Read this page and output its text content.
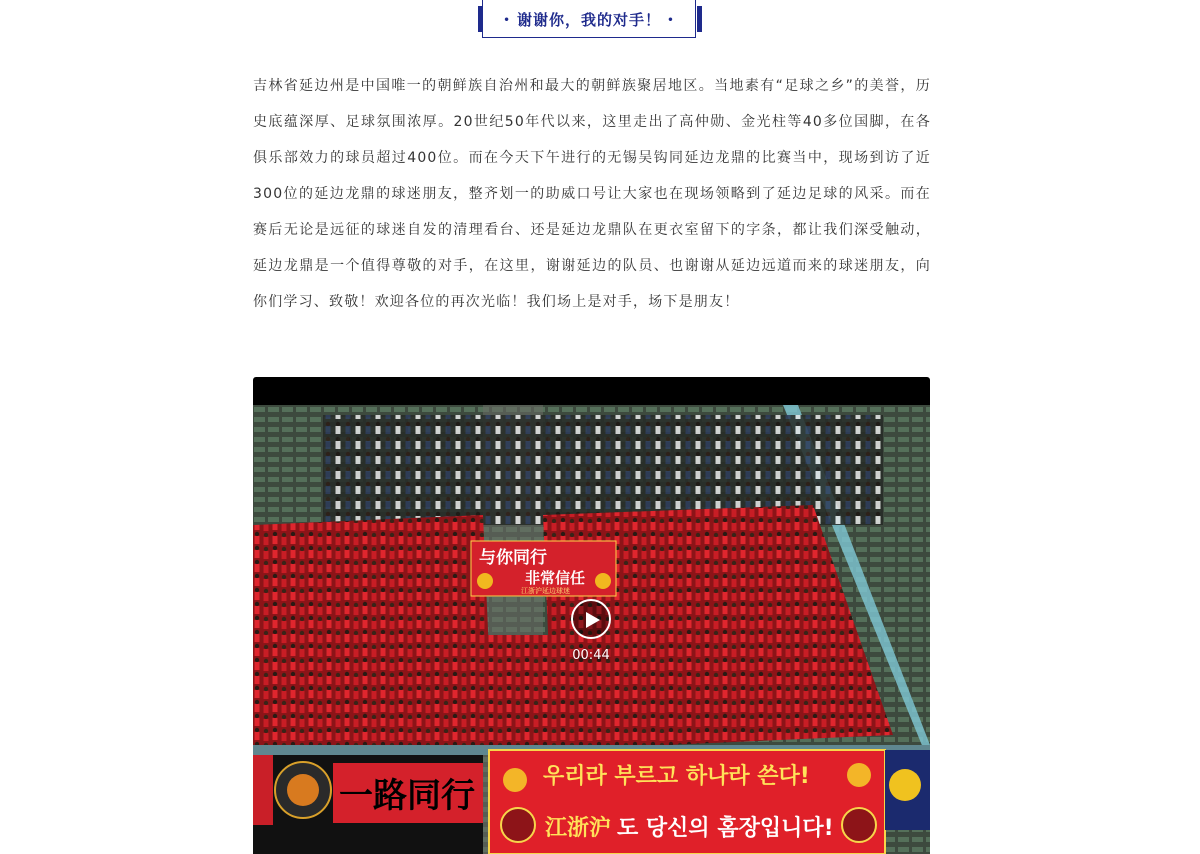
• 谢谢你，我的对手！ •
吉林省延边州是中国唯一的朝鲜族自治州和最大的朝鲜族聚居地区。当地素有“足球之乡”的美誉，历史底蕴深厚、足球氛围浓厚。20世纪50年代以来，这里走出了高仲勋、金光柱等40多位国脚，在各俱乐部效力的球员超过400位。而在今天下午进行的无锡吴钩同延边龙鼎的比赛当中，现场到访了近300位的延边龙鼎的球迷朋友，整齐划一的助威口号让大家也在现场领略到了延边足球的风采。而在赛后无论是远征的球迷自发的清理看台、还是延边龙鼎队在更衣室留下的字条，都让我们深受触动，延边龙鼎是一个值得尊敬的对手，在这里，谢谢延边的队员、也谢谢从延边远道而来的球迷朋友，向你们学习、致敬！欢迎各位的再次光临！我们场上是对手，场下是朋友！
与你同行
非常信任
江浙沪延边球迷
一路同行	우리라 부르고 하나라 쓴다!
江浙沪 도 당신의 홈장입니다!
00:44
